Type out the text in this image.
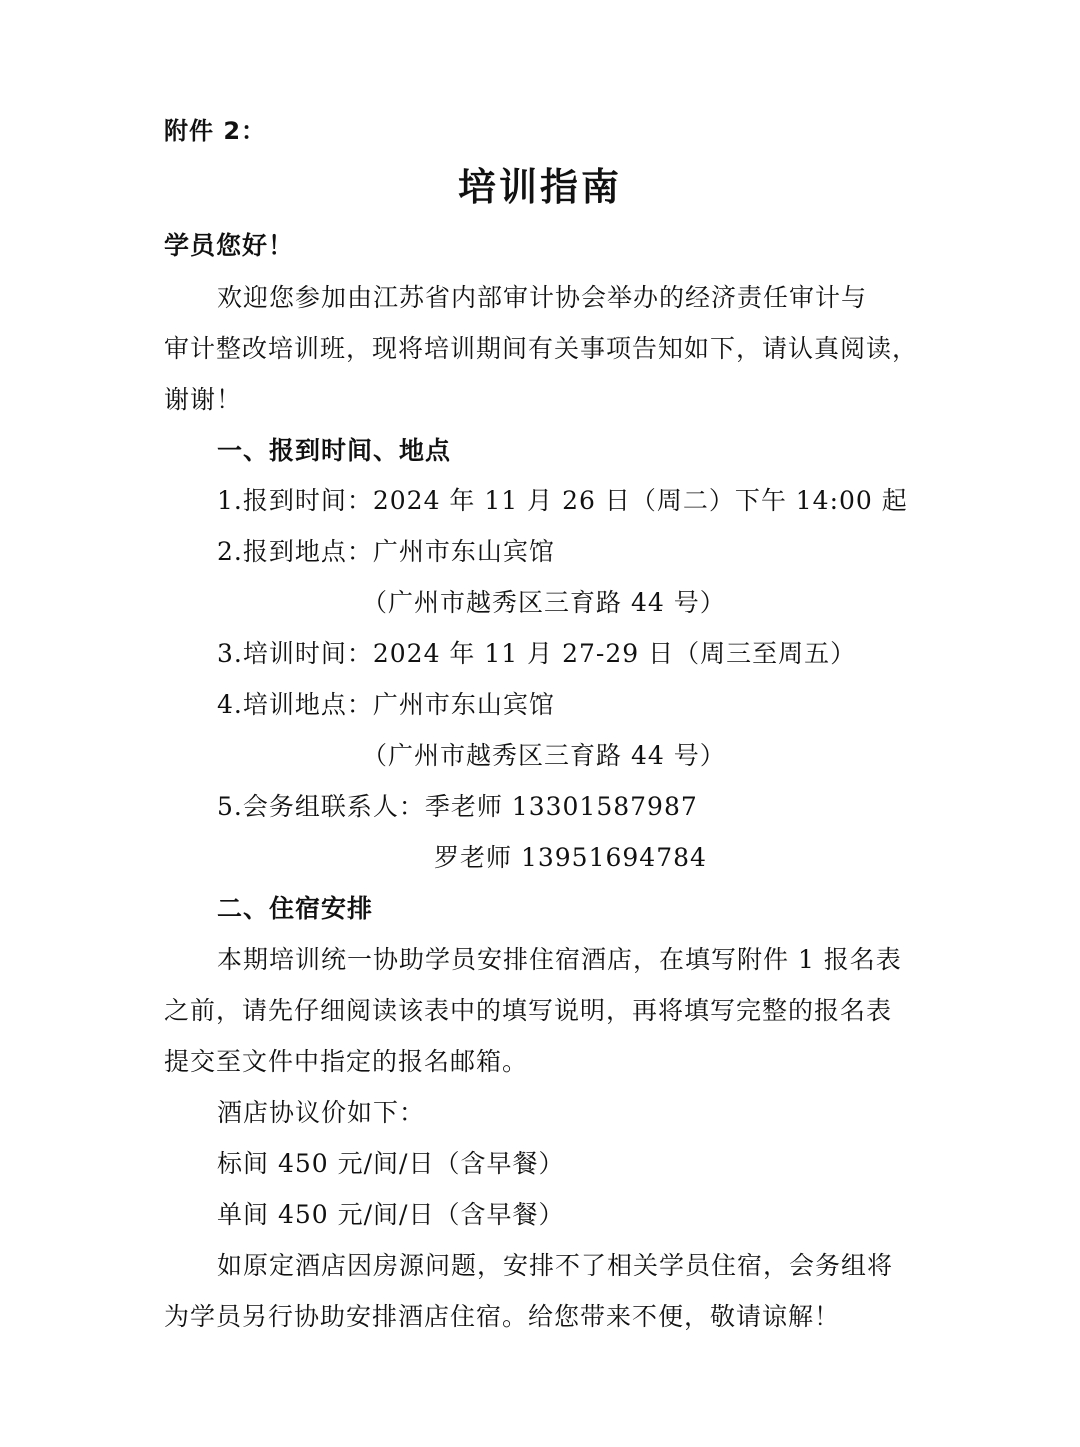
附件 2：
培训指南
学员您好！
欢迎您参加由江苏省内部审计协会举办的经济责任审计与
审计整改培训班，现将培训期间有关事项告知如下，请认真阅读，
谢谢！
一、报到时间、地点
1.报到时间：2024 年 11 月 26 日（周二）下午 14:00 起
2.报到地点：广州市东山宾馆
（广州市越秀区三育路 44 号）
3.培训时间：2024 年 11 月 27-29 日（周三至周五）
4.培训地点：广州市东山宾馆
（广州市越秀区三育路 44 号）
5.会务组联系人：季老师 13301587987
罗老师 13951694784
二、住宿安排
本期培训统一协助学员安排住宿酒店，在填写附件 1 报名表
之前，请先仔细阅读该表中的填写说明，再将填写完整的报名表
提交至文件中指定的报名邮箱。
酒店协议价如下：
标间 450 元/间/日（含早餐）
单间 450 元/间/日（含早餐）
如原定酒店因房源问题，安排不了相关学员住宿，会务组将
为学员另行协助安排酒店住宿。给您带来不便，敬请谅解！
